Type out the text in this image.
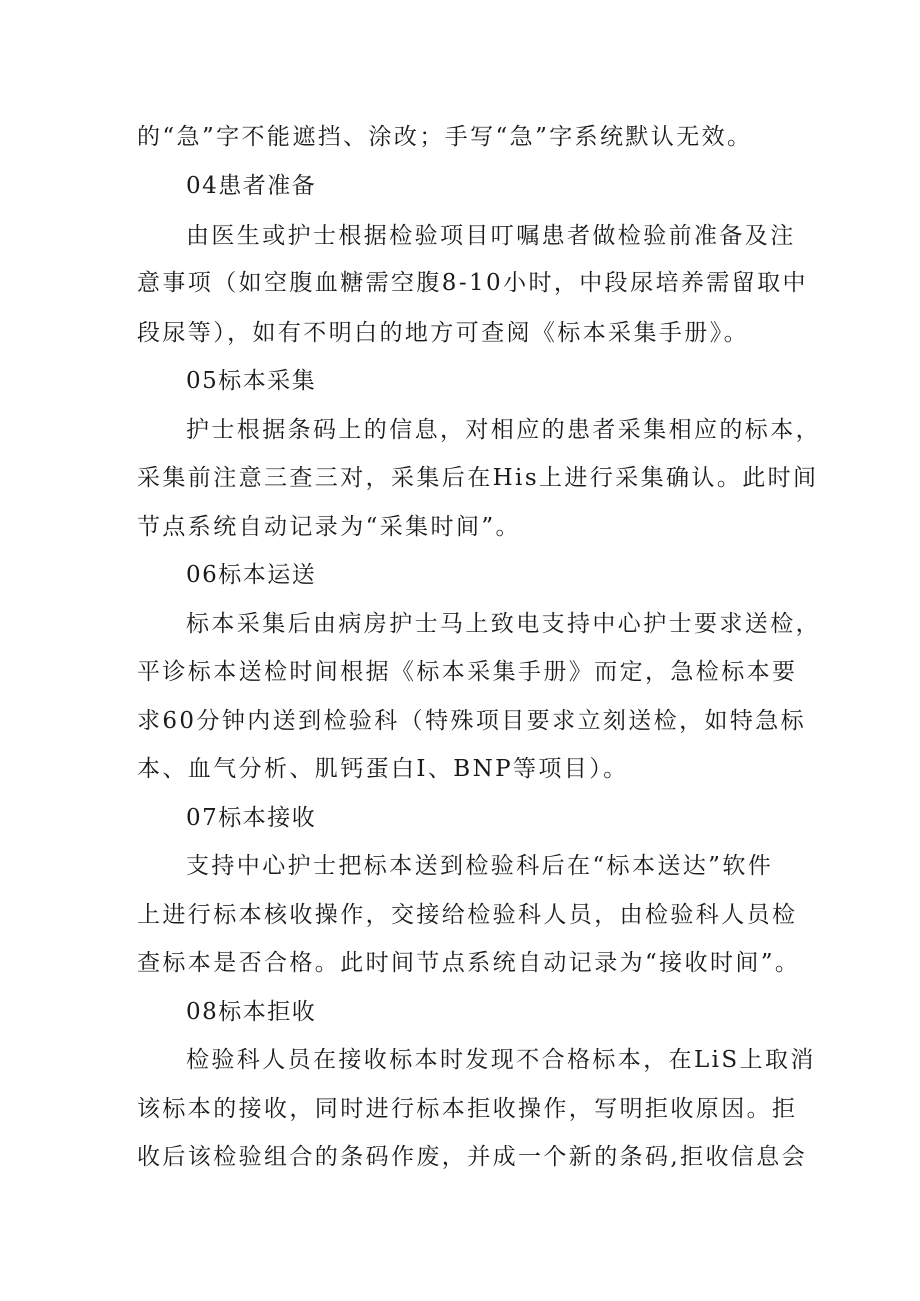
的“急”字不能遮挡、涂改；手写“急”字系统默认无效。
04患者准备
由医生或护士根据检验项目叮嘱患者做检验前准备及注
意事项（如空腹血糖需空腹8-10小时，中段尿培养需留取中
段尿等），如有不明白的地方可查阅《标本采集手册》。
05标本采集
护士根据条码上的信息，对相应的患者采集相应的标本，
采集前注意三查三对，采集后在His上进行采集确认。此时间
节点系统自动记录为“采集时间”。
06标本运送
标本采集后由病房护士马上致电支持中心护士要求送检，
平诊标本送检时间根据《标本采集手册》而定，急检标本要
求60分钟内送到检验科（特殊项目要求立刻送检，如特急标
本、血气分析、肌钙蛋白I、BNP等项目）。
07标本接收
支持中心护士把标本送到检验科后在“标本送达”软件
上进行标本核收操作，交接给检验科人员，由检验科人员检
查标本是否合格。此时间节点系统自动记录为“接收时间”。
08标本拒收
检验科人员在接收标本时发现不合格标本，在LiS上取消
该标本的接收，同时进行标本拒收操作，写明拒收原因。拒
收后该检验组合的条码作废，并成一个新的条码,拒收信息会
